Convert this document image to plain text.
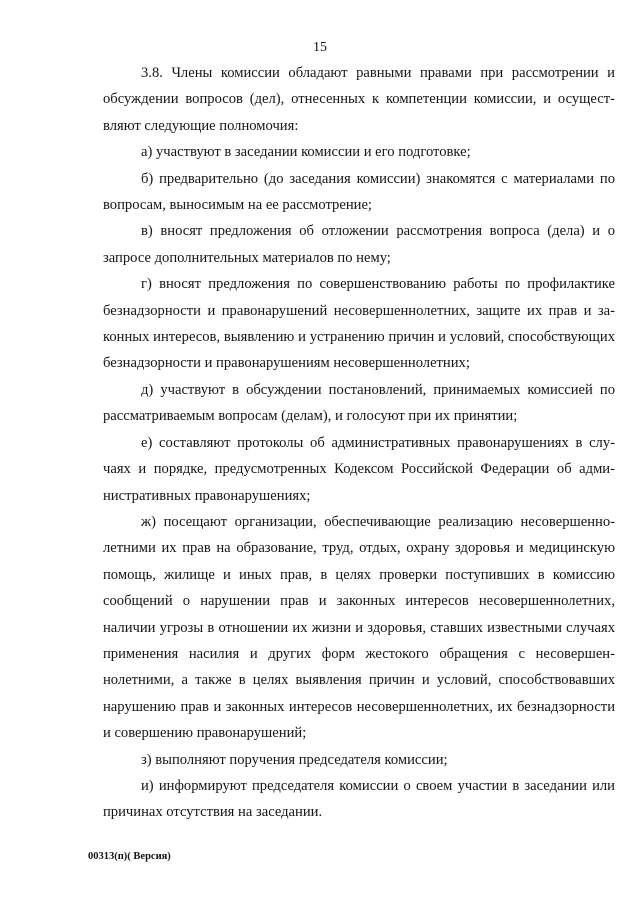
15

3.8. Члены комиссии обладают равными правами при рассмотрении и обсуждении вопросов (дел), отнесенных к компетенции комиссии, и осуществляют следующие полномочия:

а) участвуют в заседании комиссии и его подготовке;

б) предварительно (до заседания комиссии) знакомятся с материалами по вопросам, выносимым на ее рассмотрение;

в) вносят предложения об отложении рассмотрения вопроса (дела) и о запросе дополнительных материалов по нему;

г) вносят предложения по совершенствованию работы по профилактике безнадзорности и правонарушений несовершеннолетних, защите их прав и законных интересов, выявлению и устранению причин и условий, способствующих безнадзорности и правонарушениям несовершеннолетних;

д) участвуют в обсуждении постановлений, принимаемых комиссией по рассматриваемым вопросам (делам), и голосуют при их принятии;

е) составляют протоколы об административных правонарушениях в случаях и порядке, предусмотренных Кодексом Российской Федерации об административных правонарушениях;

ж) посещают организации, обеспечивающие реализацию несовершеннолетними их прав на образование, труд, отдых, охрану здоровья и медицинскую помощь, жилище и иных прав, в целях проверки поступивших в комиссию сообщений о нарушении прав и законных интересов несовершеннолетних, наличии угрозы в отношении их жизни и здоровья, ставших известными случаях применения насилия и других форм жестокого обращения с несовершеннолетними, а также в целях выявления причин и условий, способствовавших нарушению прав и законных интересов несовершеннолетних, их безнадзорности и совершению правонарушений;

з) выполняют поручения председателя комиссии;

и) информируют председателя комиссии о своем участии в заседании или причинах отсутствия на заседании.

00313(п)( Версия)
